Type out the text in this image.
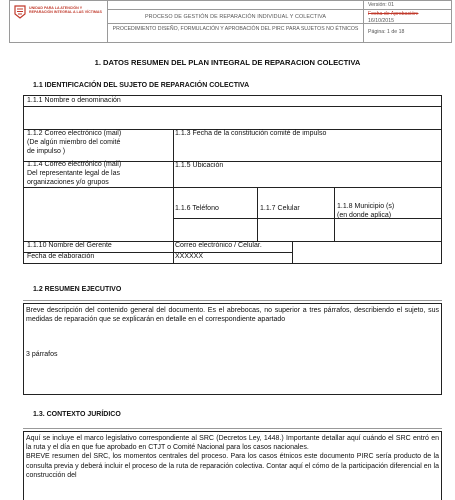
UNIDAD PARA LA ATENCIÓN Y REPARACIÓN INTEGRAL A LAS VÍCTIMAS
PROCESO DE GESTIÓN DE REPARACIÓN INDIVIDUAL Y COLECTIVA
PROCEDIMIENTO DISEÑO, FORMULACIÓN Y APROBACIÓN DEL PIRC PARA SUJETOS NO ÉTNICOS
Versión: 01
Fecha de Aprobación:
16/10/2015
Página: 1 de 18
1. DATOS RESUMEN DEL PLAN INTEGRAL DE REPARACION COLECTIVA
1.1 IDENTIFICACIÓN DEL SUJETO DE REPARACIÓN COLECTIVA
1.1.1 Nombre o denominación
1.1.2 Correo electrónico (mail)
(De algún miembro del comité
de impulso )
1.1.3 Fecha de la constitución comité de impulso
1.1.4 Correo electrónico (mail)
Del representante legal de las
organizaciones y/o grupos
1.1.5 Ubicación
1.1.6 Teléfono	1.1.7 Celular	1.1.8 Municipio (s)
(en donde aplica)
1.1.10 Nombre del Gerente	Correo electrónico / Celular.
Fecha de elaboración	XXXXXX
1.2 RESUMEN EJECUTIVO
Breve descripción del contenido general del documento. Es el abrebocas, no superior a tres párrafos, describiendo el sujeto, sus medidas de reparación que se explicarán en detalle en el correspondiente apartado
3 párrafos
1.3. CONTEXTO JURÍDICO
Aquí se incluye el marco legislativo correspondiente al SRC (Decretos Ley, 1448.) Importante detallar aquí cuándo el SRC entró en la ruta y el día en que fue aprobado en CTJT o Comité Nacional para los casos nacionales.
BREVE resumen del SRC, los momentos centrales del proceso. Para los casos étnicos este documento PIRC sería producto de la consulta previa y deberá incluir el proceso de la ruta de reparación colectiva. Contar aquí el cómo de la participación diferencial en la construcción del
